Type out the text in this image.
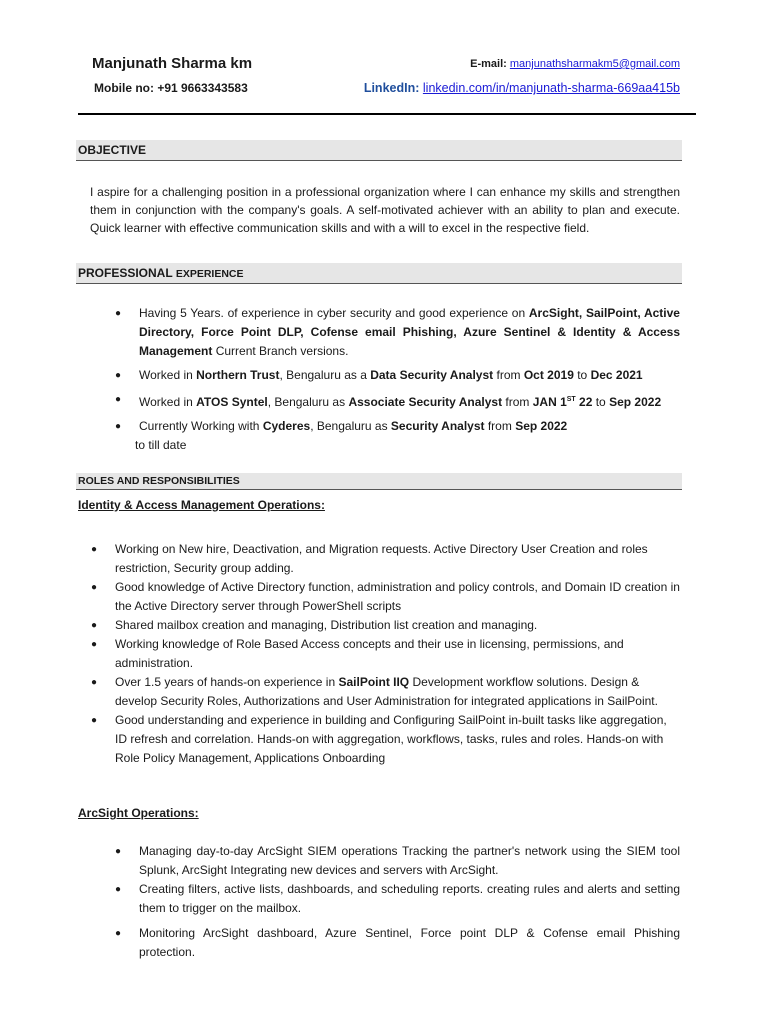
Manjunath Sharma km
Mobile no: +91 9663343583
E-mail: manjunathsharmakm5@gmail.com
LinkedIn: linkedin.com/in/manjunath-sharma-669aa415b
OBJECTIVE
I aspire for a challenging position in a professional organization where I can enhance my skills and strengthen them in conjunction with the company's goals. A self-motivated achiever with an ability to plan and execute. Quick learner with effective communication skills and with a will to excel in the respective field.
PROFESSIONAL EXPERIENCE
● Having 5 Years. of experience in cyber security and good experience on ArcSight, SailPoint, Active Directory, Force Point DLP, Cofense email Phishing, Azure Sentinel & Identity & Access Management Current Branch versions.
● Worked in Northern Trust, Bengaluru as a Data Security Analyst from Oct 2019 to Dec 2021
● Worked in ATOS Syntel, Bengaluru as Associate Security Analyst from JAN 1ST 22 to Sep 2022
● Currently Working with Cyderes, Bengaluru as Security Analyst from Sep 2022
to till date
ROLES AND RESPONSIBILITIES
Identity & Access Management Operations:
● Working on New hire, Deactivation, and Migration requests. Active Directory User Creation and roles restriction, Security group adding.
● Good knowledge of Active Directory function, administration and policy controls, and Domain ID creation in the Active Directory server through PowerShell scripts
● Shared mailbox creation and managing, Distribution list creation and managing.
● Working knowledge of Role Based Access concepts and their use in licensing, permissions, and administration.
● Over 1.5 years of hands-on experience in SailPoint IIQ Development workflow solutions. Design & develop Security Roles, Authorizations and User Administration for integrated applications in SailPoint.
● Good understanding and experience in building and Configuring SailPoint in-built tasks like aggregation, ID refresh and correlation. Hands-on with aggregation, workflows, tasks, rules and roles. Hands-on with Role Policy Management, Applications Onboarding
ArcSight Operations:
● Managing day-to-day ArcSight SIEM operations Tracking the partner's network using the SIEM tool Splunk, ArcSight Integrating new devices and servers with ArcSight.
● Creating filters, active lists, dashboards, and scheduling reports. creating rules and alerts and setting them to trigger on the mailbox.
● Monitoring ArcSight dashboard, Azure Sentinel, Force point DLP & Cofense email Phishing protection.
